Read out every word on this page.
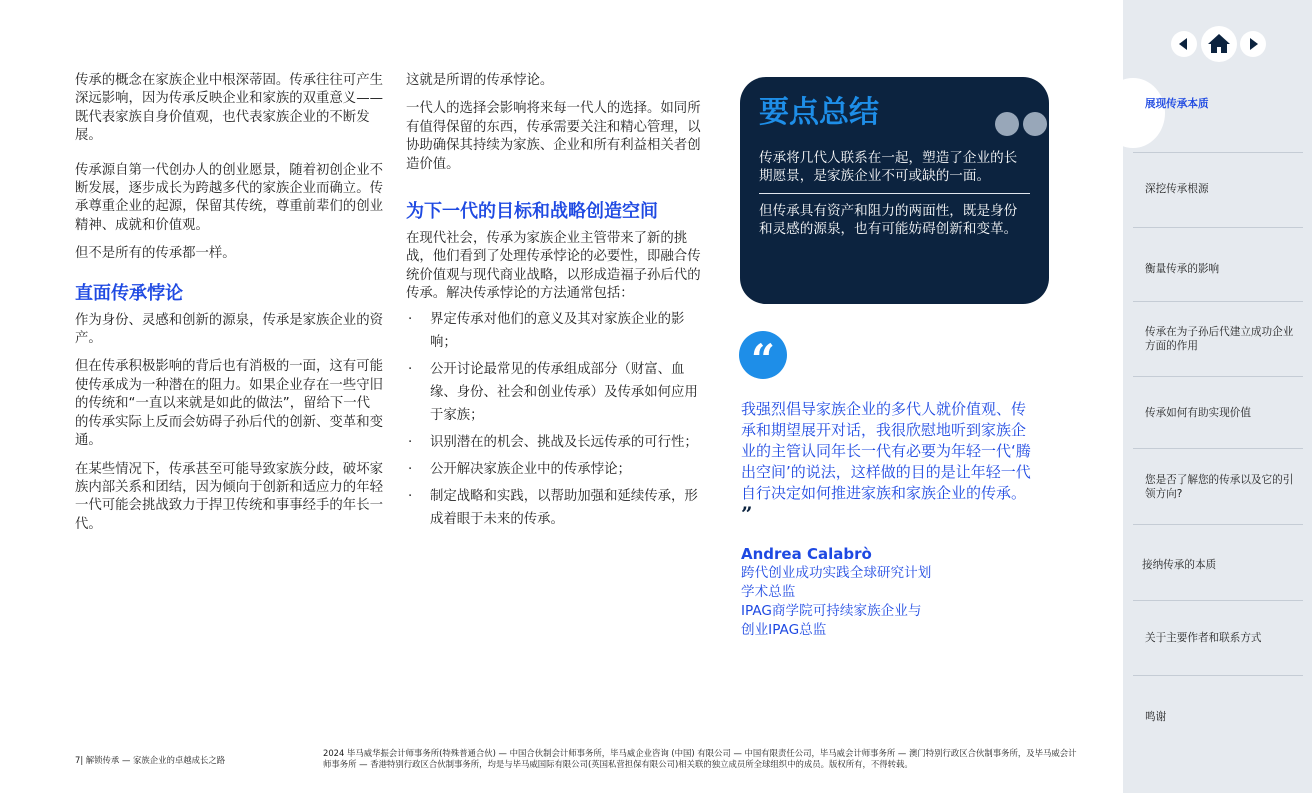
传承的概念在家族企业中根深蒂固。传承往往可产生深远影响，因为传承反映企业和家族的双重意义——既代表家族自身价值观，也代表家族企业的不断发展。

传承源自第一代创办人的创业愿景，随着初创企业不断发展，逐步成长为跨越多代的家族企业而确立。传承尊重企业的起源，保留其传统，尊重前辈们的创业精神、成就和价值观。

但不是所有的传承都一样。

直面传承悖论

作为身份、灵感和创新的源泉，传承是家族企业的资产。

但在传承积极影响的背后也有消极的一面，这有可能使传承成为一种潜在的阻力。如果企业存在一些守旧的传统和“一直以来就是如此的做法”，留给下一代的传承实际上反而会妨碍子孙后代的创新、变革和变通。

在某些情况下，传承甚至可能导致家族分歧，破坏家族内部关系和团结，因为倾向于创新和适应力的年轻一代可能会挑战致力于捍卫传统和事事经手的年长一代。

这就是所谓的传承悖论。

一代人的选择会影响将来每一代人的选择。如同所有值得保留的东西，传承需要关注和精心管理，以协助确保其持续为家族、企业和所有利益相关者创造价值。

为下一代的目标和战略创造空间

在现代社会，传承为家族企业主管带来了新的挑战，他们看到了处理传承悖论的必要性，即融合传统价值观与现代商业战略，以形成造福子孙后代的传承。解决传承悖论的方法通常包括：

· 界定传承对他们的意义及其对家族企业的影响；
· 公开讨论最常见的传承组成部分（财富、血缘、身份、社会和创业传承）及传承如何应用于家族；
· 识别潜在的机会、挑战及长远传承的可行性；
· 公开解决家族企业中的传承悖论；
· 制定战略和实践，以帮助加强和延续传承，形成着眼于未来的传承。
要点总结
传承将几代人联系在一起，塑造了企业的长期愿景，是家族企业不可或缺的一面。
但传承具有资产和阻力的两面性，既是身份和灵感的源泉，也有可能妨碍创新和变革。
“
我强烈倡导家族企业的多代人就价值观、传承和期望展开对话，我很欣慰地听到家族企业的主管认同年长一代有必要为年轻一代‘腾出空间’的说法，这样做的目的是让年轻一代自行决定如何推进家族和家族企业的传承。 ”
Andrea Calabrò
跨代创业成功实践全球研究计划
学术总监
IPAG商学院可持续家族企业与
创业IPAG总监
7| 解锁传承 — 家族企业的卓越成长之路
2024 毕马威华振会计师事务所(特殊普通合伙) — 中国合伙制会计师事务所，毕马威企业咨询 (中国) 有限公司 — 中国有限责任公司，毕马威会计师事务所 — 澳门特别行政区合伙制事务所，及毕马威会计师事务所 — 香港特别行政区合伙制事务所，均是与毕马威国际有限公司(英国私营担保有限公司)相关联的独立成员所全球组织中的成员。版权所有，不得转载。
展现传承本质
深挖传承根源
衡量传承的影响
传承在为子孙后代建立成功企业方面的作用
传承如何有助实现价值
您是否了解您的传承以及它的引领方向?
接纳传承的本质
关于主要作者和联系方式
鸣谢
